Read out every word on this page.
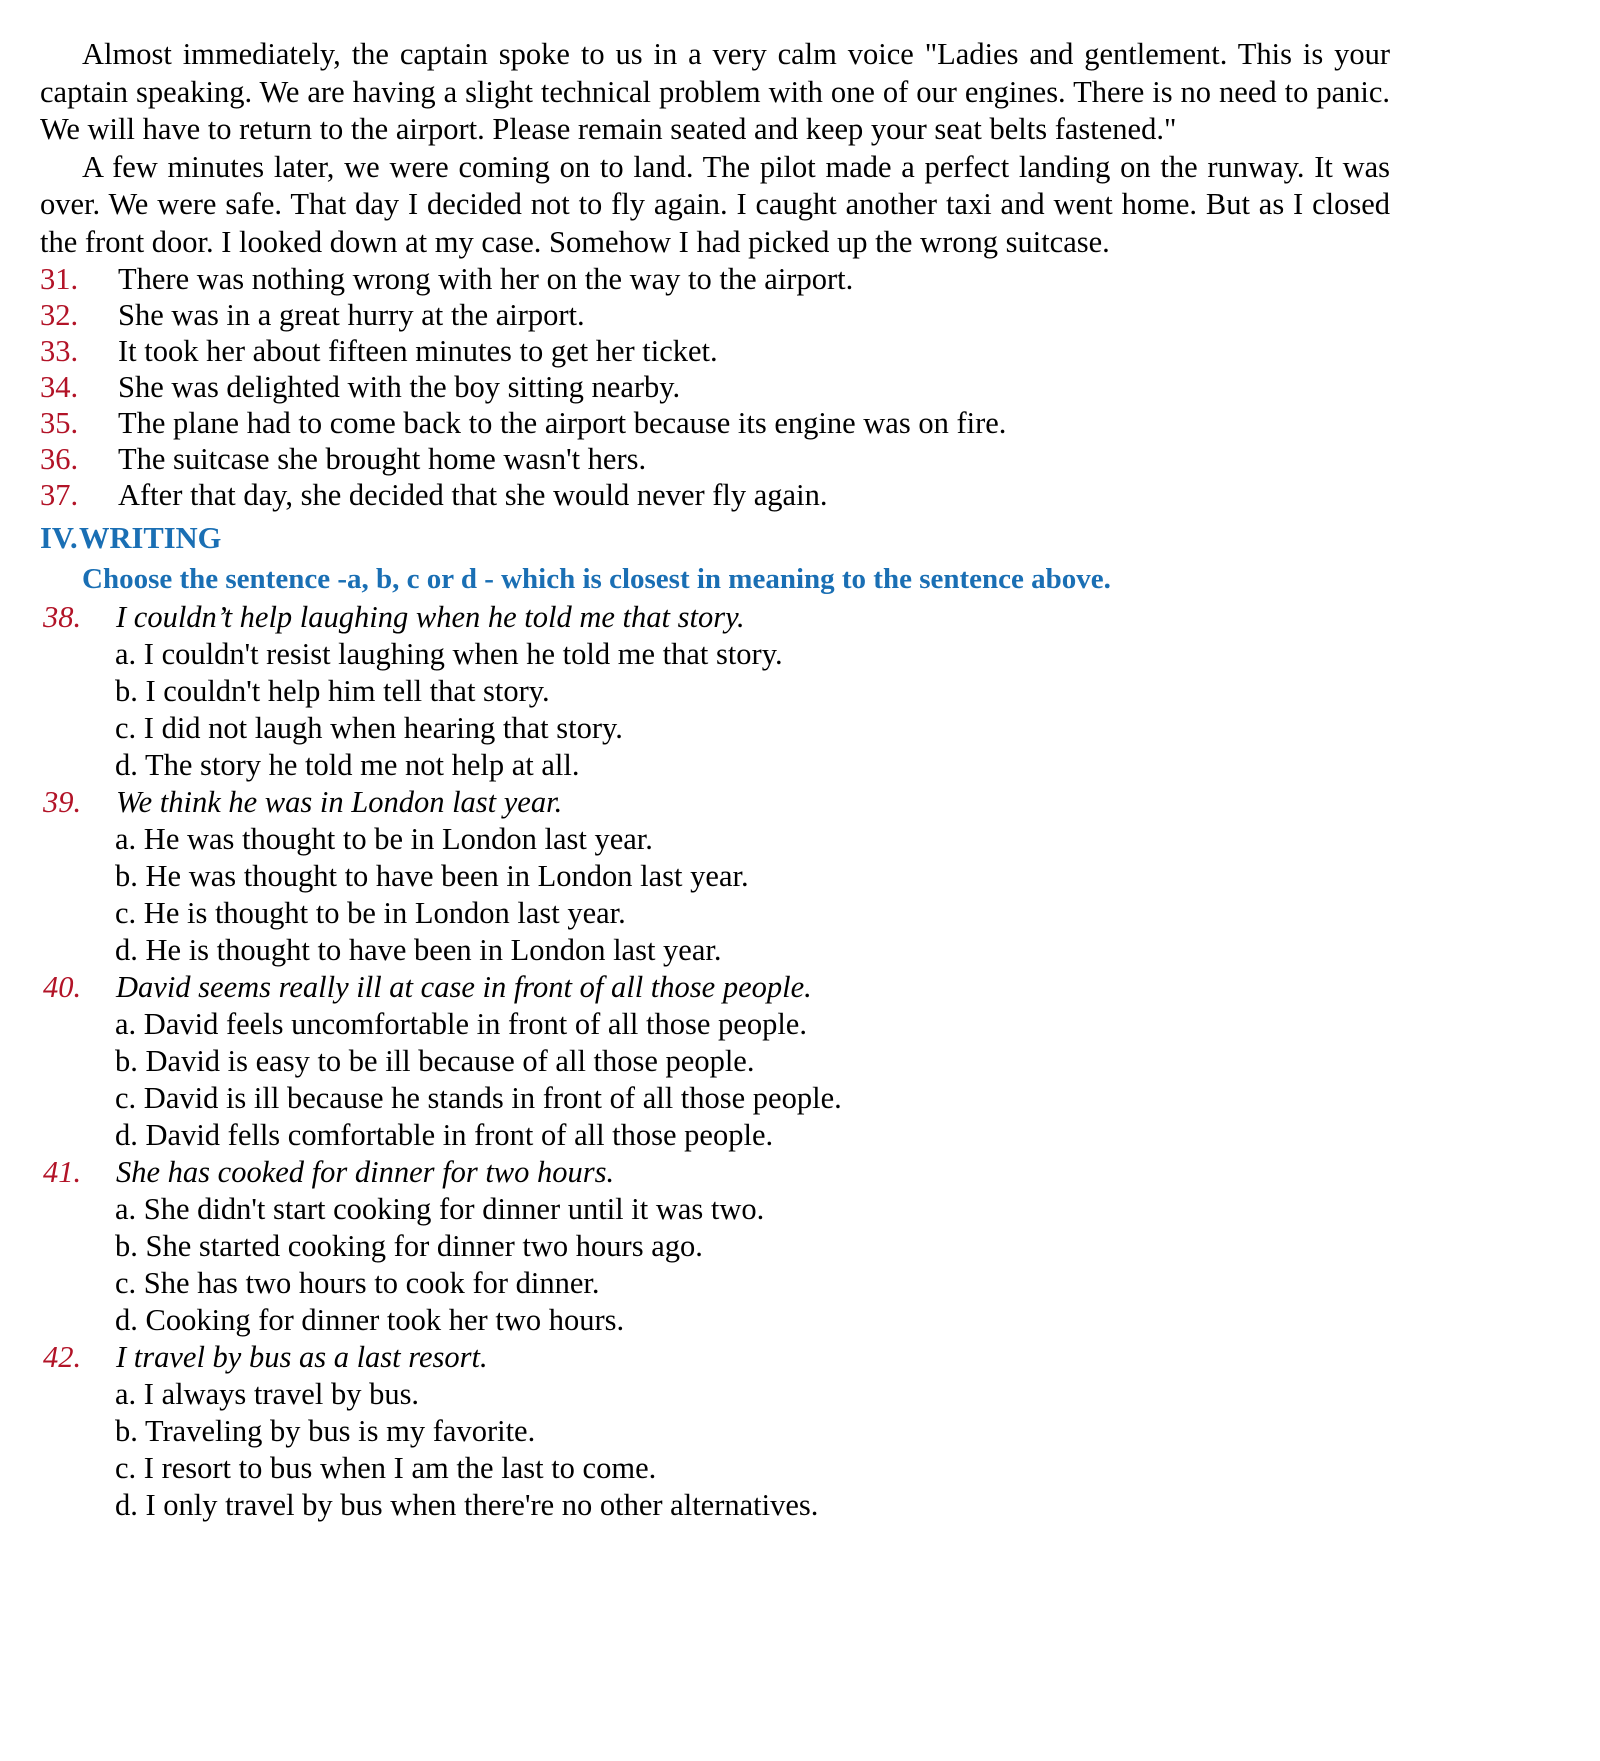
Almost immediately, the captain spoke to us in a very calm voice "Ladies and gentlement. This is your captain speaking. We are having a slight technical problem with one of our engines. There is no need to panic. We will have to return to the airport. Please remain seated and keep your seat belts fastened."

A few minutes later, we were coming on to land. The pilot made a perfect landing on the runway. It was over. We were safe. That day I decided not to fly again. I caught another taxi and went home. But as I closed the front door. I looked down at my case. Somehow I had picked up the wrong suitcase.

31.	There was nothing wrong with her on the way to the airport.
32.	She was in a great hurry at the airport.
33.	It took her about fifteen minutes to get her ticket.
34.	She was delighted with the boy sitting nearby.
35.	The plane had to come back to the airport because its engine was on fire.
36.	The suitcase she brought home wasn't hers.
37.	After that day, she decided that she would never fly again.
IV. WRITING
Choose the sentence -a, b, c or d - which is closest in meaning to the sentence above.
38.	I couldn’t help laughing when he told me that story.
a. I couldn't resist laughing when he told me that story.
b. I couldn't help him tell that story.
c. I did not laugh when hearing that story.
d. The story he told me not help at all.
39.	We think he was in London last year.
a. He was thought to be in London last year.
b. He was thought to have been in London last year.
c. He is thought to be in London last year.
d. He is thought to have been in London last year.
40.	David seems really ill at case in front of all those people.
a. David feels uncomfortable in front of all those people.
b. David is easy to be ill because of all those people.
c. David is ill because he stands in front of all those people.
d. David fells comfortable in front of all those people.
41.	She has cooked for dinner for two hours.
a. She didn't start cooking for dinner until it was two.
b. She started cooking for dinner two hours ago.
c. She has two hours to cook for dinner.
d. Cooking for dinner took her two hours.
42.	I travel by bus as a last resort.
a. I always travel by bus.
b. Traveling by bus is my favorite.
c. I resort to bus when I am the last to come.
d. I only travel by bus when there're no other alternatives.
